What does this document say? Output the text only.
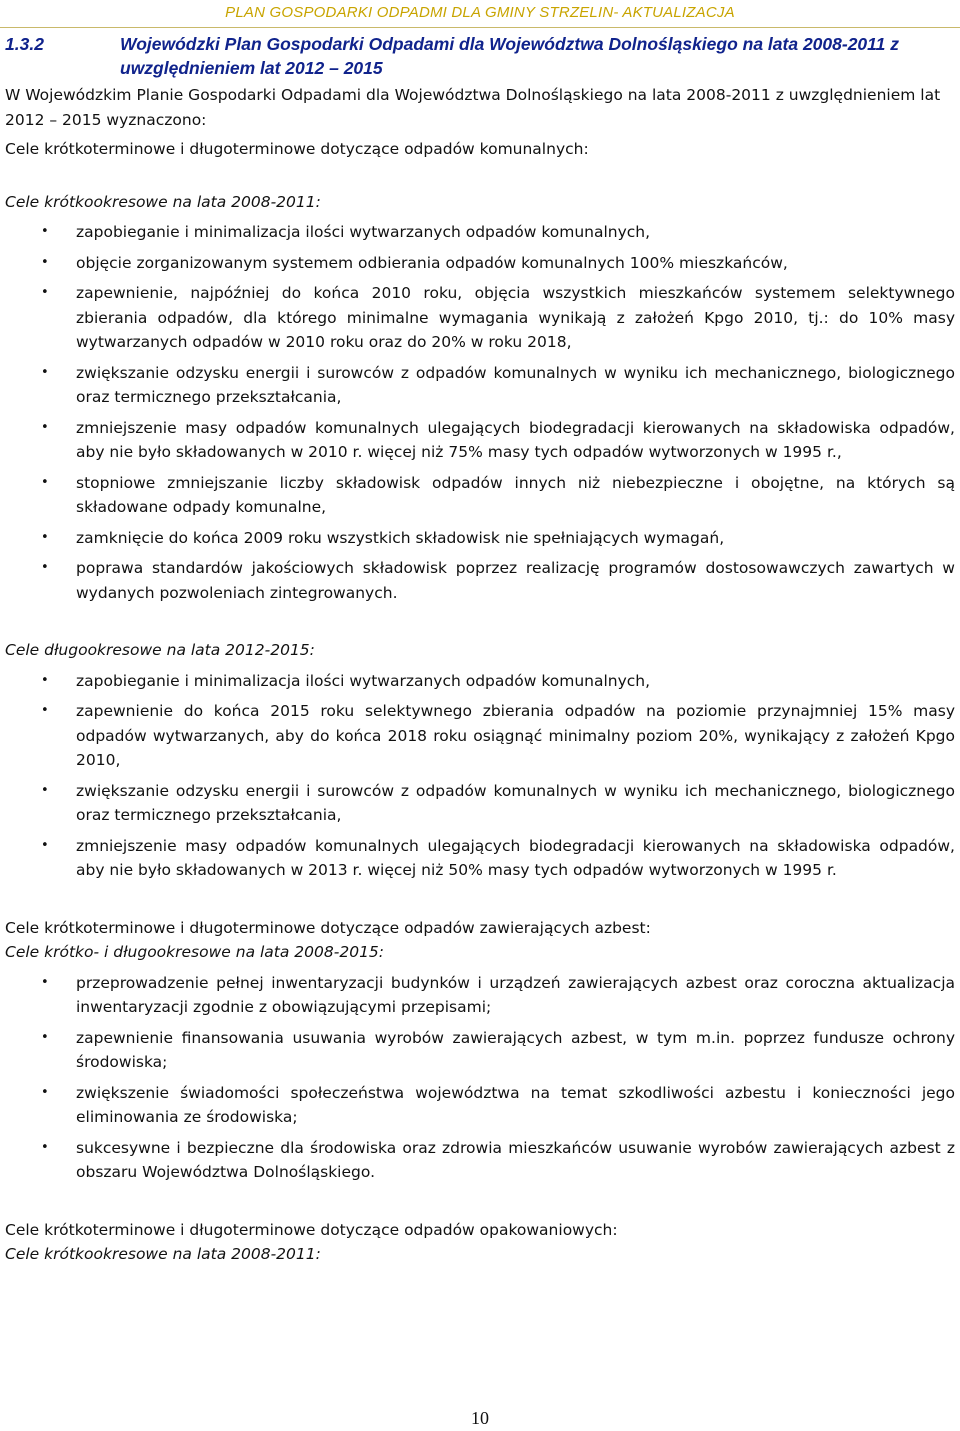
PLAN GOSPODARKI ODPADMI DLA GMINY STRZELIN- AKTUALIZACJA
1.3.2	Wojewódzki Plan Gospodarki Odpadami dla Województwa Dolnośląskiego na lata 2008-2011 z uwzględnieniem lat 2012 – 2015

W Wojewódzkim Planie Gospodarki Odpadami dla Województwa Dolnośląskiego na lata 2008-2011 z uwzględnieniem lat 2012 – 2015 wyznaczono:

Cele krótkoterminowe i długoterminowe dotyczące odpadów komunalnych:

Cele krótkookresowe na lata 2008-2011:

• zapobieganie i minimalizacja ilości wytwarzanych odpadów komunalnych,
• objęcie zorganizowanym systemem odbierania odpadów komunalnych 100% mieszkańców,
• zapewnienie, najpóźniej do końca 2010 roku, objęcia wszystkich mieszkańców systemem selektywnego zbierania odpadów, dla którego minimalne wymagania wynikają z założeń Kpgo 2010, tj.: do 10% masy wytwarzanych odpadów w 2010 roku oraz do 20% w roku 2018,
• zwiększanie odzysku energii i surowców z odpadów komunalnych w wyniku ich mechanicznego, biologicznego oraz termicznego przekształcania,
• zmniejszenie masy odpadów komunalnych ulegających biodegradacji kierowanych na składowiska odpadów, aby nie było składowanych w 2010 r. więcej niż 75% masy tych odpadów wytworzonych w 1995 r.,
• stopniowe zmniejszanie liczby składowisk odpadów innych niż niebezpieczne i obojętne, na których są składowane odpady komunalne,
• zamknięcie do końca 2009 roku wszystkich składowisk nie spełniających wymagań,
• poprawa standardów jakościowych składowisk poprzez realizację programów dostosowawczych zawartych w wydanych pozwoleniach zintegrowanych.

Cele długookresowe na lata 2012-2015:

• zapobieganie i minimalizacja ilości wytwarzanych odpadów komunalnych,
• zapewnienie do końca 2015 roku selektywnego zbierania odpadów na poziomie przynajmniej 15% masy odpadów wytwarzanych, aby do końca 2018 roku osiągnąć minimalny poziom 20%, wynikający z założeń Kpgo 2010,
• zwiększanie odzysku energii i surowców z odpadów komunalnych w wyniku ich mechanicznego, biologicznego oraz termicznego przekształcania,
• zmniejszenie masy odpadów komunalnych ulegających biodegradacji kierowanych na składowiska odpadów, aby nie było składowanych w 2013 r. więcej niż 50% masy tych odpadów wytworzonych w 1995 r.

Cele krótkoterminowe i długoterminowe dotyczące odpadów zawierających azbest:

Cele krótko- i długookresowe na lata 2008-2015:

• przeprowadzenie pełnej inwentaryzacji budynków i urządzeń zawierających azbest oraz coroczna aktualizacja inwentaryzacji zgodnie z obowiązującymi przepisami;
• zapewnienie finansowania usuwania wyrobów zawierających azbest, w tym m.in. poprzez fundusze ochrony środowiska;
• zwiększenie świadomości społeczeństwa województwa na temat szkodliwości azbestu i konieczności jego eliminowania ze środowiska;
• sukcesywne i bezpieczne dla środowiska oraz zdrowia mieszkańców usuwanie wyrobów zawierających azbest z obszaru Województwa Dolnośląskiego.

Cele krótkoterminowe i długoterminowe dotyczące odpadów opakowaniowych:

Cele krótkookresowe na lata 2008-2011:

10
